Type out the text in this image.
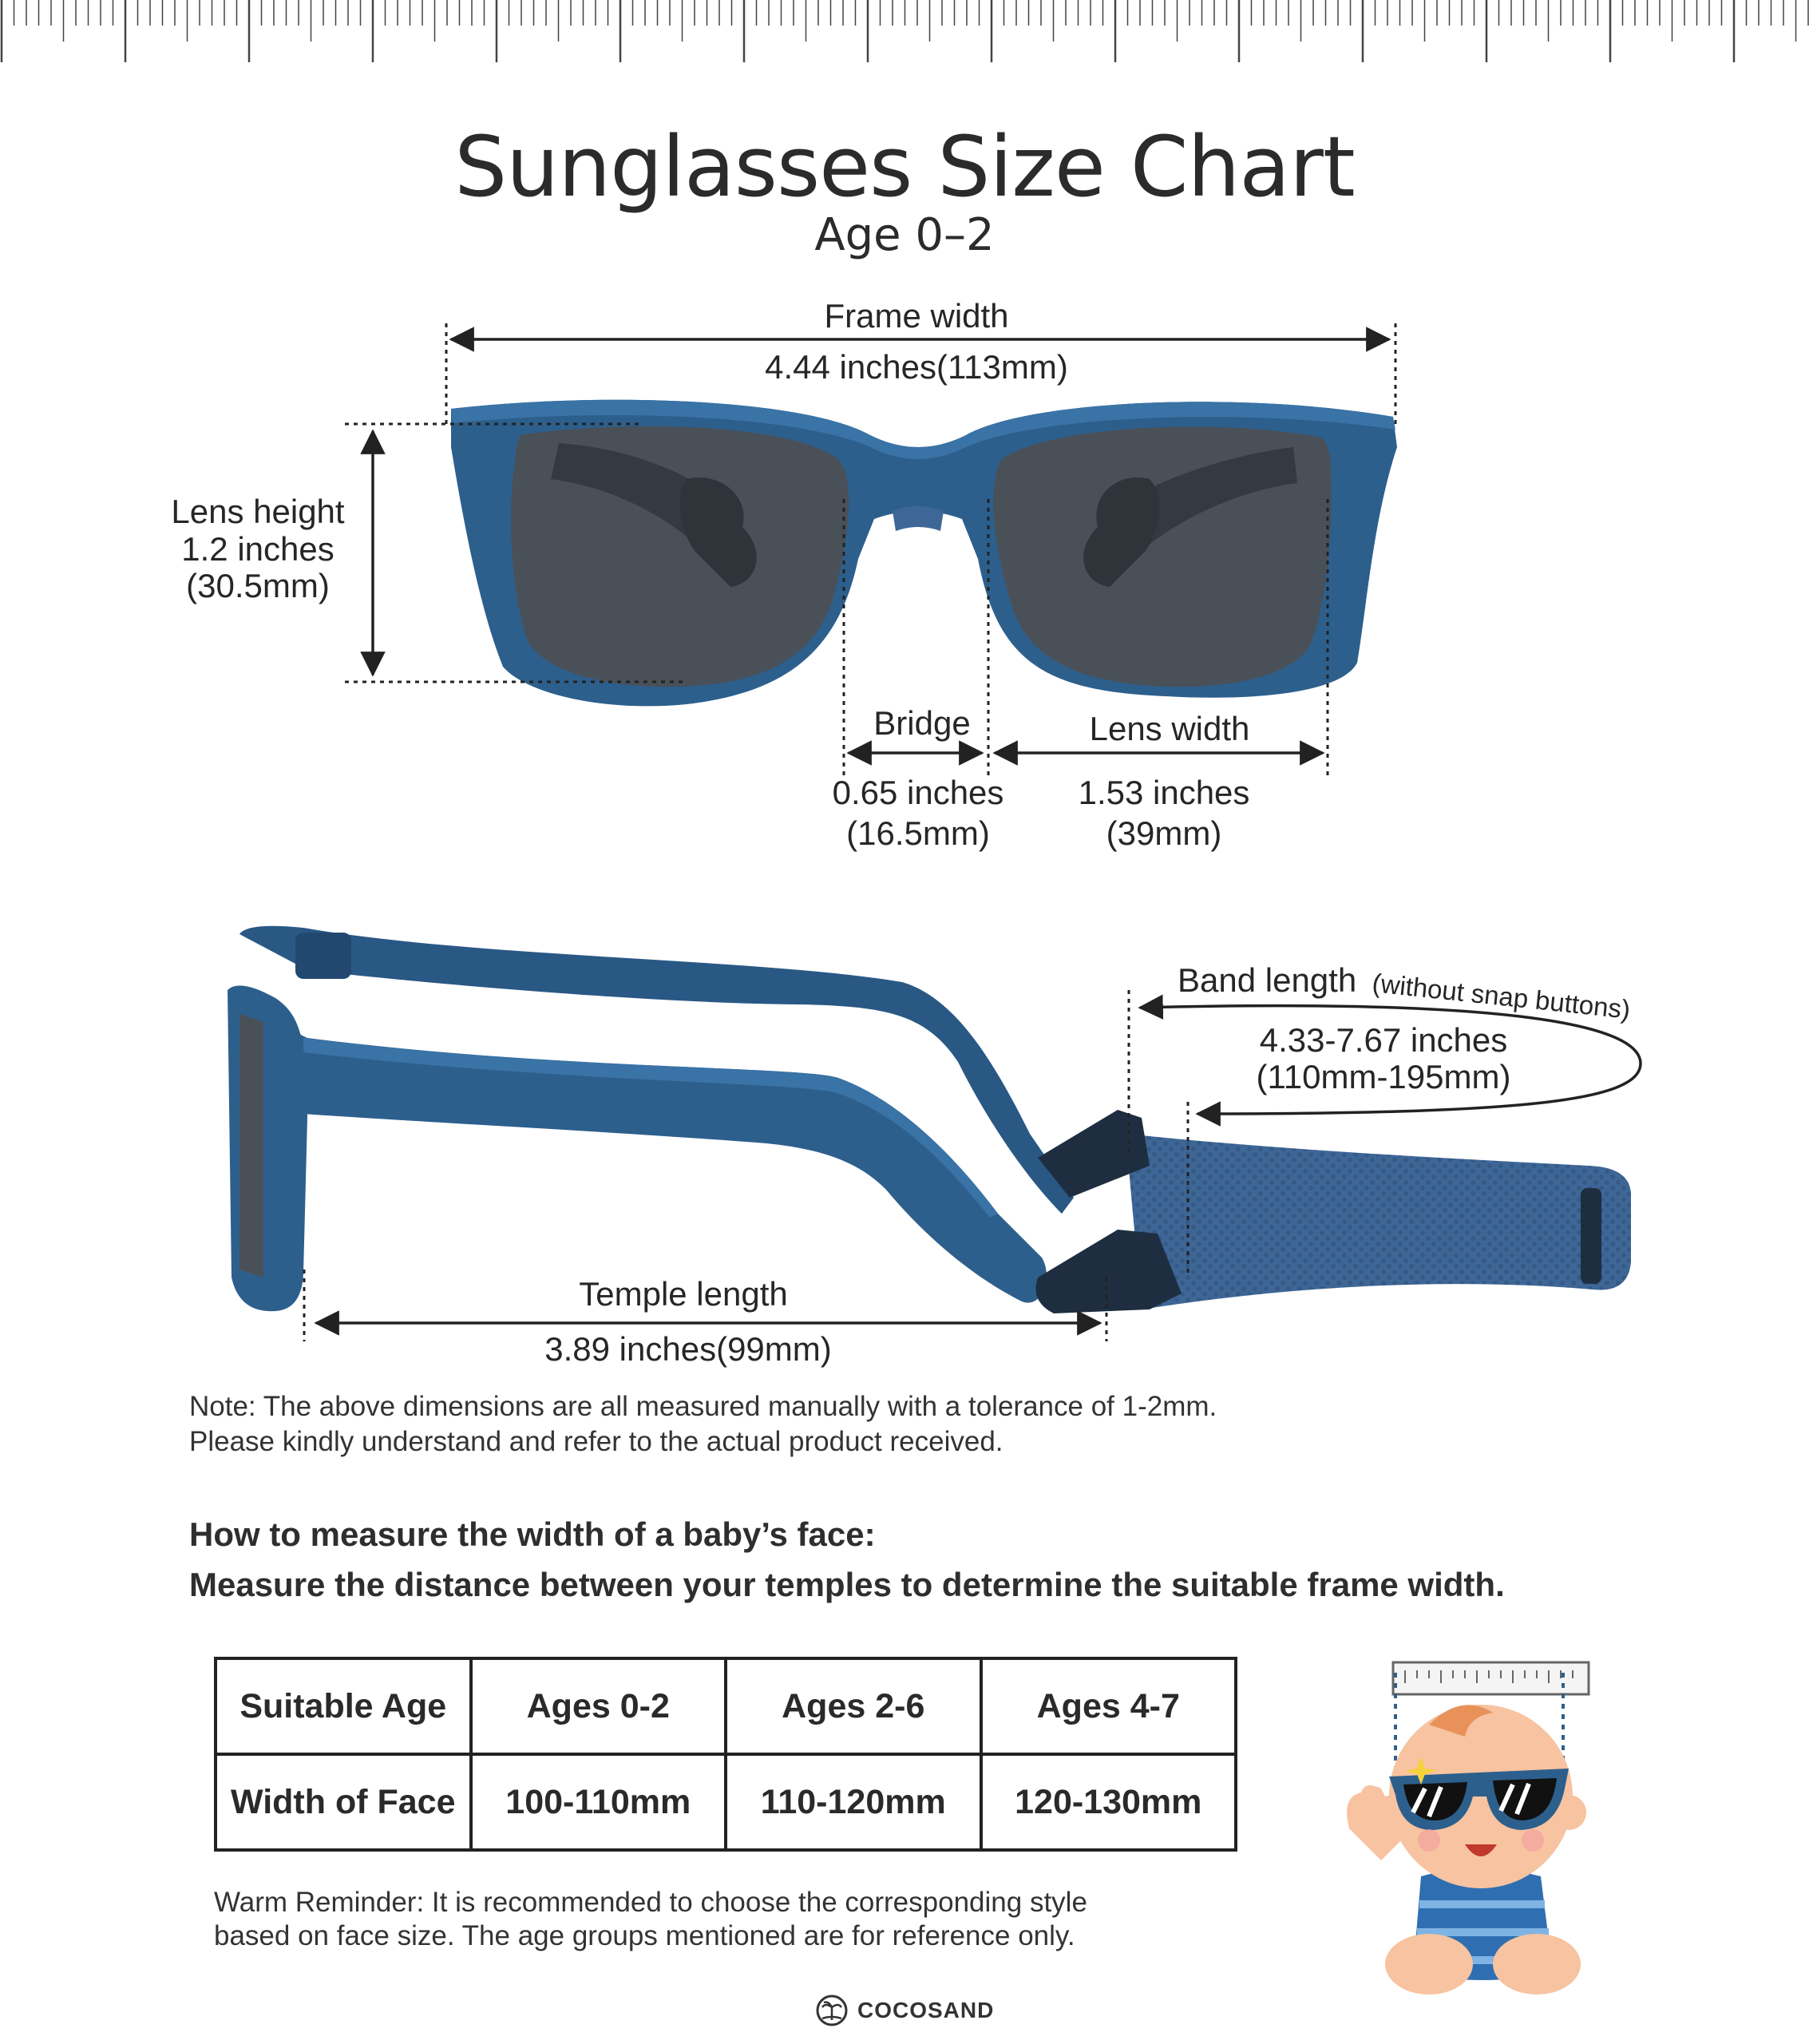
Sunglasses Size Chart
Age 0–2
Frame width
4.44 inches(113mm)
Lens height
1.2 inches
(30.5mm)
Bridge
0.65 inches
(16.5mm)
Lens width
1.53 inches
(39mm)
Band length (without snap buttons)
4.33-7.67 inches
(110mm-195mm)
Temple length
3.89 inches(99mm)
Note: The above dimensions are all measured manually with a tolerance of 1-2mm.
Please kindly understand and refer to the actual product received.
How to measure the width of a baby’s face:
Measure the distance between your temples to determine the suitable frame width.
Suitable Age	Ages 0-2	Ages 2-6	Ages 4-7
Width of Face	100-110mm	110-120mm	120-130mm
Warm Reminder: It is recommended to choose the corresponding style
based on face size. The age groups mentioned are for reference only.
COCOSAND
